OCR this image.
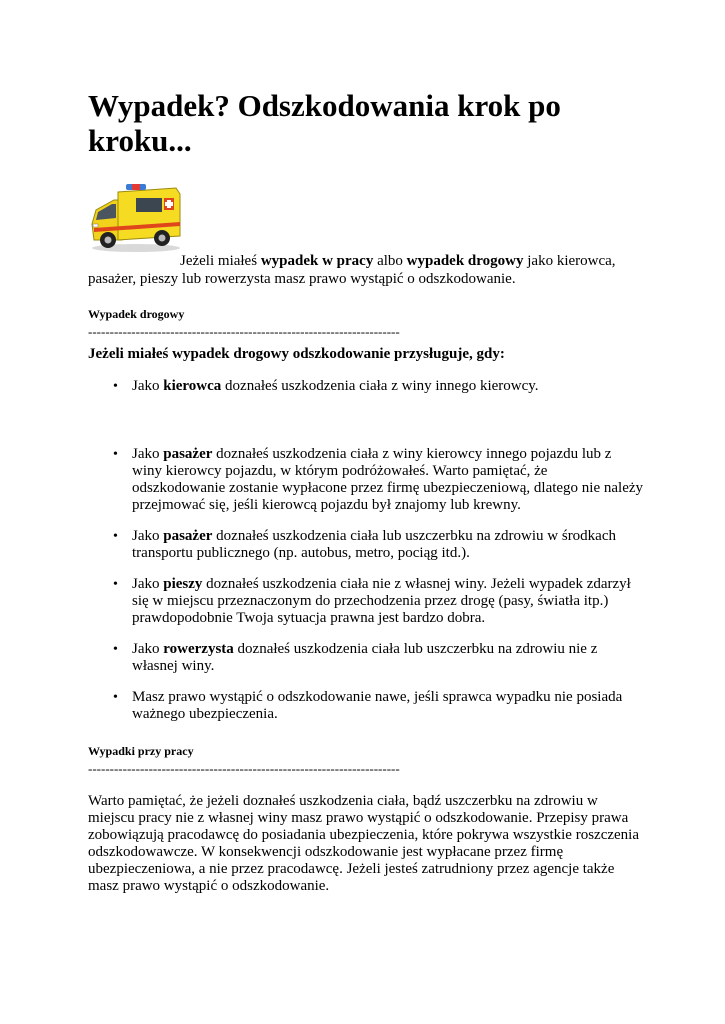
Wypadek? Odszkodowania krok po kroku...

Jeżeli miałeś wypadek w pracy albo wypadek drogowy jako kierowca, pasażer, pieszy lub rowerzysta masz prawo wystąpić o odszkodowanie.

Wypadek drogowy

------------------------------------------------------------------------

Jeżeli miałeś wypadek drogowy odszkodowanie przysługuje, gdy:

• Jako kierowca doznałeś uszkodzenia ciała z winy innego kierowcy.
• Jako pasażer doznałeś uszkodzenia ciała z winy kierowcy innego pojazdu lub z winy kierowcy pojazdu, w którym podróżowałeś. Warto pamiętać, że odszkodowanie zostanie wypłacone przez firmę ubezpieczeniową, dlatego nie należy przejmować się, jeśli kierowcą pojazdu był znajomy lub krewny.
• Jako pasażer doznałeś uszkodzenia ciała lub uszczerbku na zdrowiu w środkach transportu publicznego (np. autobus, metro, pociąg itd.).
• Jako pieszy doznałeś uszkodzenia ciała nie z własnej winy. Jeżeli wypadek zdarzył się w miejscu przeznaczonym do przechodzenia przez drogę (pasy, światła itp.) prawdopodobnie Twoja sytuacja prawna jest bardzo dobra.
• Jako rowerzysta doznałeś uszkodzenia ciała lub uszczerbku na zdrowiu nie z własnej winy.
• Masz prawo wystąpić o odszkodowanie nawe, jeśli sprawca wypadku nie posiada ważnego ubezpieczenia.

Wypadki przy pracy

------------------------------------------------------------------------

Warto pamiętać, że jeżeli doznałeś uszkodzenia ciała, bądź uszczerbku na zdrowiu w miejscu pracy nie z własnej winy masz prawo wystąpić o odszkodowanie. Przepisy prawa zobowiązują pracodawcę do posiadania ubezpieczenia, które pokrywa wszystkie roszczenia odszkodowawcze. W konsekwencji odszkodowanie jest wypłacane przez firmę ubezpieczeniowa, a nie przez pracodawcę. Jeżeli jesteś zatrudniony przez agencje także masz prawo wystąpić o odszkodowanie.
